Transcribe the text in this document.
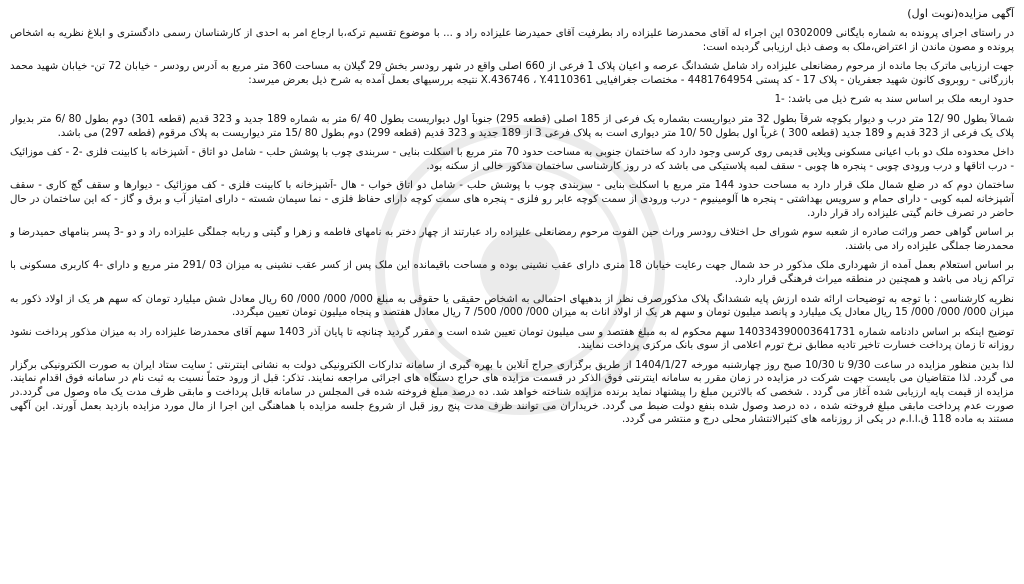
آگهی مزایده(نوبت اول)

در راستای اجرای پرونده به شماره بایگانی 0302009 این اجراء له آقای محمدرضا علیزاده راد بطرفیت آقای حمیدرضا علیزاده راد و ... با موضوع تقسیم ترکه،با ارجاع امر به احدی از کارشناسان رسمی دادگستری و ابلاغ نظریه به اشخاص پرونده و مصون ماندن از اعتراض،ملک به وصف ذیل ارزیابی گردیده است:

جهت ارزیابی ماترک بجا مانده از مرحوم رمضانعلی علیزاده راد شامل ششدانگ عرصه و اعیان پلاک 1 فرعی از 660 اصلی واقع در شهر رودسر بخش 29 گیلان به مساحت 360 متر مربع به آدرس رودسر - خیابان 72 تن- خیابان شهید محمد بازرگانی - روبروی کانون شهید جعفریان - پلاک 17 - کد پستی 4481764954 - مختصات جغرافیایی X.436746 ، Y.4110361 نتیجه بررسیهای بعمل آمده به شرح ذیل بعرض میرسد:

حدود اربعه ملک بر اساس سند به شرح ذیل می باشد: -1

شمالاً بطول 90 /12 متر درب و دیوار بکوچه شرقاً بطول 32 متر دیواریست بشماره یک فرعی از 185 اصلی (قطعه 295) جنوباً اول دیواریست بطول 40 /6 متر به شماره 189 جدید و 323 قدیم (قطعه 301) دوم بطول 80 /6 متر بدیوار پلاک یک فرعی از 323 قدیم و 189 جدید (قطعه 300 ) غرباً اول بطول 50 /10 متر دیواری است به پلاک فرعی 3 از 189 جدید و 323 قدیم (قطعه 299) دوم بطول 80 /15 متر دیواریست به پلاک مرقوم (قطعه 297) می باشد.

داخل محدوده ملک دو باب اعیانی مسکونی ویلایی قدیمی روی کرسی وجود دارد که ساختمان جنوبی به مساحت حدود 70 متر مربع با اسکلت بنایی - سربندی چوب با پوشش حلب - شامل دو اتاق - آشپزخانه با کابینت فلزی -2 - کف موزائیک - درب اتاقها و درب ورودی چوبی - پنجره ها چوبی - سقف لمبه پلاستیکی می باشد که در روز کارشناسی ساختمان مذکور خالی از سکنه بود.

ساختمان دوم که در ضلع شمال ملک قرار دارد به مساحت حدود 144 متر مربع با اسکلت بنایی - سربندی چوب با پوشش حلب - شامل دو اتاق خواب - هال -آشپزخانه با کابینت فلزی - کف موزائیک - دیوارها و سقف گچ کاری - سقف آشپزخانه لمبه کوبی - دارای حمام و سرویس بهداشتی - پنجره ها آلومینیوم - درب ورودی از سمت کوچه عابر رو فلزی - پنجره های سمت کوچه دارای حفاظ فلزی - نما سیمان شسته - دارای امتیاز آب و برق و گاز - که این ساختمان در حال حاضر در تصرف خانم گیتی علیزاده راد قرار دارد.

بر اساس گواهی حصر وراثت صادره از شعبه سوم شورای حل اختلاف رودسر وراث حین الفوت مرحوم رمضانعلی علیزاده راد عبارتند از چهار دختر به نامهای فاطمه و زهرا و گیتی و ربابه جملگی علیزاده راد و دو -3 پسر بنامهای حمیدرضا و محمدرضا جملگی علیزاده راد می باشند.

بر اساس استعلام بعمل آمده از شهرداری ملک مذکور در حد شمال جهت رعایت خیابان 18 متری دارای عقب نشینی بوده و مساحت باقیمانده این ملک پس از کسر عقب نشینی به میزان 03 /291 متر مربع و دارای -4 کاربری مسکونی با تراکم زیاد می باشد و همچنین در منطقه میراث فرهنگی قرار دارد.

نظریه کارشناسی : با توجه به توضیحات ارائه شده ارزش پایه ششدانگ پلاک مذکورصرف نظر از بدهیهای احتمالی به اشخاص حقیقی یا حقوقی به مبلغ 000/ 000/ 000/ 60 ریال معادل شش میلیارد تومان که سهم هر یک از اولاد ذکور به میزان 000/ 000/ 000/ 15 ریال معادل یک میلیارد و پانصد میلیون تومان و سهم هر یک از اولاد اناث به میزان 000/ 000/ 500/ 7 ریال معادل هفتصد و پنجاه میلیون تومان تعیین میگردد.

توضیح اینکه بر اساس دادنامه شماره 140334390003641731 سهم محکوم له به مبلغ هفتصد و سی میلیون تومان تعیین شده است و مقرر گردید چنانچه تا پایان آذر 1403 سهم آقای محمدرضا علیزاده راد به میزان مذکور پرداخت نشود روزانه تا زمان پرداخت خسارت تاخیر تادیه مطابق نرخ تورم اعلامی از سوی بانک مرکزی پرداخت نمایند.

لذا بدین منظور مزایده در ساعت 9/30 تا 10/30 صبح روز چهارشنبه مورخه 1404/1/27 از طریق برگزاری حراج آنلاین با بهره گیری از سامانه تدارکات الکترونیکی دولت به نشانی اینترنتی : سایت ستاد ایران به صورت الکترونیکی برگزار می گردد. لذا متقاضیان می بایست جهت شرکت در مزایده در زمان مقرر به سامانه اینترنتی فوق الذکر در قسمت مزایده های حراج دستگاه های اجرائی مراجعه نمایند. تذکر: قبل از ورود حتماً نسبت به ثبت نام در سامانه فوق اقدام نمایند. مزایده از قیمت پایه ارزیابی شده آغاز می گردد . شخصی که بالاترین مبلغ را پیشنهاد نماید برنده مزایده شناخته خواهد شد. ده درصد مبلغ فروخته شده فی المجلس در سامانه قابل پرداخت و مابقی ظرف مدت یک ماه وصول می گردد.در صورت عدم پرداخت مابقی مبلغ فروخته شده ، ده درصد وصول شده بنفع دولت ضبط می گردد. خریداران می توانند ظرف مدت پنج روز قبل از شروع جلسه مزایده با هماهنگی این اجرا از مال مورد مزایده بازدید بعمل آورند. این آگهی مستند به ماده 118 ق.ا.ا.م در یکی از روزنامه های کثیرالانتشار محلی درج و منتشر می گردد.
